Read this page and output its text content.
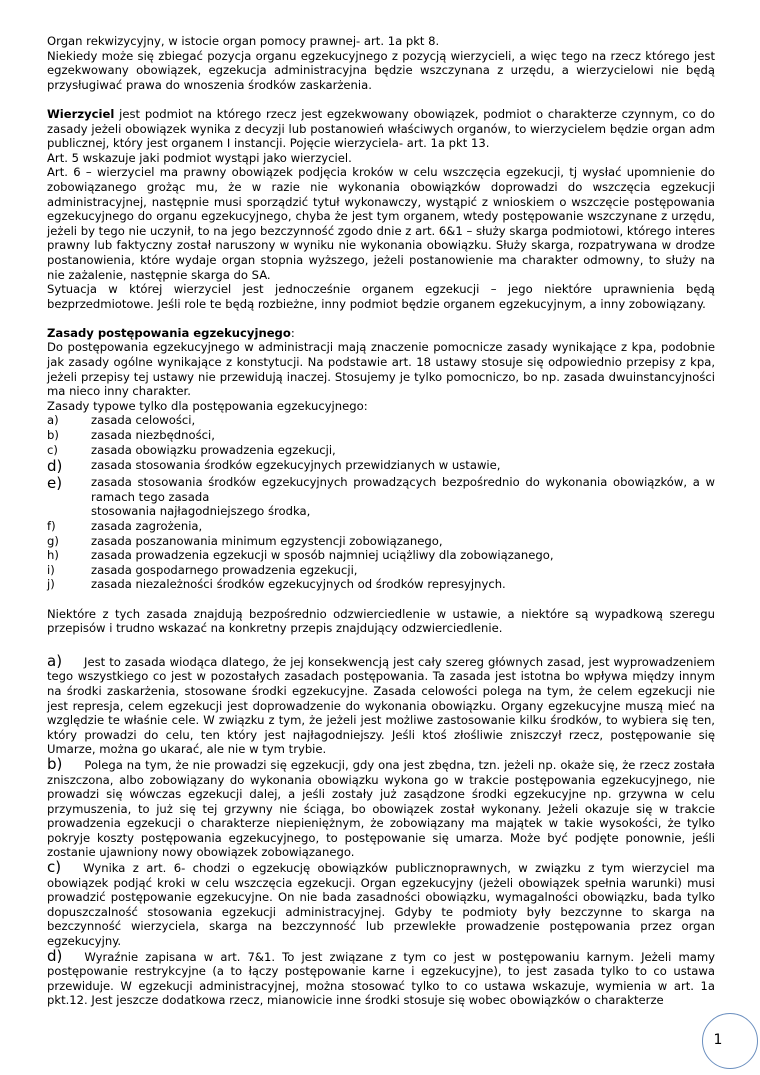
Organ rekwizycyjny, w istocie organ pomocy prawnej- art. 1a pkt 8.

Niekiedy może się zbiegać pozycja organu egzekucyjnego z pozycją wierzycieli, a więc tego na rzecz którego jest egzekwowany obowiązek, egzekucja administracyjna będzie wszczynana z urzędu, a wierzycielowi nie będą przysługiwać prawa do wnoszenia środków zaskarżenia.

Wierzyciel jest podmiot na którego rzecz jest egzekwowany obowiązek, podmiot o charakterze czynnym, co do zasady jeżeli obowiązek wynika z decyzji lub postanowień właściwych organów, to wierzycielem będzie organ adm publicznej, który jest organem I instancji. Pojęcie wierzyciela- art. 1a pkt 13.

Art. 5 wskazuje jaki podmiot wystąpi jako wierzyciel.

Art. 6 – wierzyciel ma prawny obowiązek podjęcia kroków w celu wszczęcia egzekucji, tj wysłać upomnienie do zobowiązanego grożąc mu, że w razie nie wykonania obowiązków doprowadzi do wszczęcia egzekucji administracyjnej, następnie musi sporządzić tytuł wykonawczy, wystąpić z wnioskiem o wszczęcie postępowania egzekucyjnego do organu egzekucyjnego, chyba że jest tym organem, wtedy postępowanie wszczynane z urzędu, jeżeli by tego nie uczynił, to na jego bezczynność zgodo dnie z art. 6&1 – służy skarga podmiotowi, którego interes prawny lub faktyczny został naruszony w wyniku nie wykonania obowiązku. Służy skarga, rozpatrywana w drodze postanowienia, które wydaje organ stopnia wyższego, jeżeli postanowienie ma charakter odmowny, to służy na nie zażalenie, następnie skarga do SA.

Sytuacja w której wierzyciel jest jednocześnie organem egzekucji – jego niektóre uprawnienia będą bezprzedmiotowe. Jeśli role te będą rozbieżne, inny podmiot będzie organem egzekucyjnym, a inny zobowiązany.

Zasady postępowania egzekucyjnego:

Do postępowania egzekucyjnego w administracji mają znaczenie pomocnicze zasady wynikające z kpa, podobnie jak zasady ogólne wynikające z konstytucji. Na podstawie art. 18 ustawy stosuje się odpowiednio przepisy z kpa, jeżeli przepisy tej ustawy nie przewidują inaczej. Stosujemy je tylko pomocniczo, bo np. zasada dwuinstancyjności ma nieco inny charakter.

Zasady typowe tylko dla postępowania egzekucyjnego:

a)	zasada celowości,
b)	zasada niezbędności,
c)	zasada obowiązku prowadzenia egzekucji,
d)	zasada stosowania środków egzekucyjnych przewidzianych w ustawie,
e)	zasada stosowania środków egzekucyjnych prowadzących bezpośrednio do wykonania obowiązków, a w ramach tego zasada

stosowania najłagodniejszego środka,

f)	zasada zagrożenia,
g)	zasada poszanowania minimum egzystencji zobowiązanego,
h)	zasada prowadzenia egzekucji w sposób najmniej uciążliwy dla zobowiązanego,
i)	zasada gospodarnego prowadzenia egzekucji,
j)	zasada niezależności środków egzekucyjnych od środków represyjnych.

Niektóre z tych zasada znajdują bezpośrednio odzwierciedlenie w ustawie, a niektóre są wypadkową szeregu przepisów i trudno wskazać na konkretny przepis znajdujący odzwierciedlenie.

a) Jest to zasada wiodąca dlatego, że jej konsekwencją jest cały szereg głównych zasad, jest wyprowadzeniem tego wszystkiego co jest w pozostałych zasadach postępowania. Ta zasada jest istotna bo wpływa między innym na środki zaskarżenia, stosowane środki egzekucyjne. Zasada celowości polega na tym, że celem egzekucji nie jest represja, celem egzekucji jest doprowadzenie do wykonania obowiązku. Organy egzekucyjne muszą mieć na względzie te właśnie cele. W związku z tym, że jeżeli jest możliwe zastosowanie kilku środków, to wybiera się ten, który prowadzi do celu, ten który jest najłagodniejszy. Jeśli ktoś złośliwie zniszczył rzecz, postępowanie się Umarze, można go ukarać, ale nie w tym trybie.

b) Polega na tym, że nie prowadzi się egzekucji, gdy ona jest zbędna, tzn. jeżeli np. okaże się, że rzecz została zniszczona, albo zobowiązany do wykonania obowiązku wykona go w trakcie postępowania egzekucyjnego, nie prowadzi się wówczas egzekucji dalej, a jeśli zostały już zasądzone środki egzekucyjne np. grzywna w celu przymuszenia, to już się tej grzywny nie ściąga, bo obowiązek został wykonany. Jeżeli okazuje się w trakcie prowadzenia egzekucji o charakterze niepieniężnym, że zobowiązany ma majątek w takie wysokości, że tylko pokryje koszty postępowania egzekucyjnego, to postępowanie się umarza. Może być podjęte ponownie, jeśli zostanie ujawniony nowy obowiązek zobowiązanego.

c) Wynika z art. 6- chodzi o egzekucję obowiązków publicznoprawnych, w związku z tym wierzyciel ma obowiązek podjąć kroki w celu wszczęcia egzekucji. Organ egzekucyjny (jeżeli obowiązek spełnia warunki) musi prowadzić postępowanie egzekucyjne. On nie bada zasadności obowiązku, wymagalności obowiązku, bada tylko dopuszczalność stosowania egzekucji administracyjnej. Gdyby te podmioty były bezczynne to skarga na bezczynność wierzyciela, skarga na bezczynność lub przewlekłe prowadzenie postępowania przez organ egzekucyjny.

d) Wyraźnie zapisana w art. 7&1. To jest związane z tym co jest w postępowaniu karnym. Jeżeli mamy postępowanie restrykcyjne (a to łączy postępowanie karne i egzekucyjne), to jest zasada tylko to co ustawa przewiduje. W egzekucji administracyjnej, można stosować tylko to co ustawa wskazuje, wymienia w art. 1a pkt.12. Jest jeszcze dodatkowa rzecz, mianowicie inne środki stosuje się wobec obowiązków o charakterze

1
